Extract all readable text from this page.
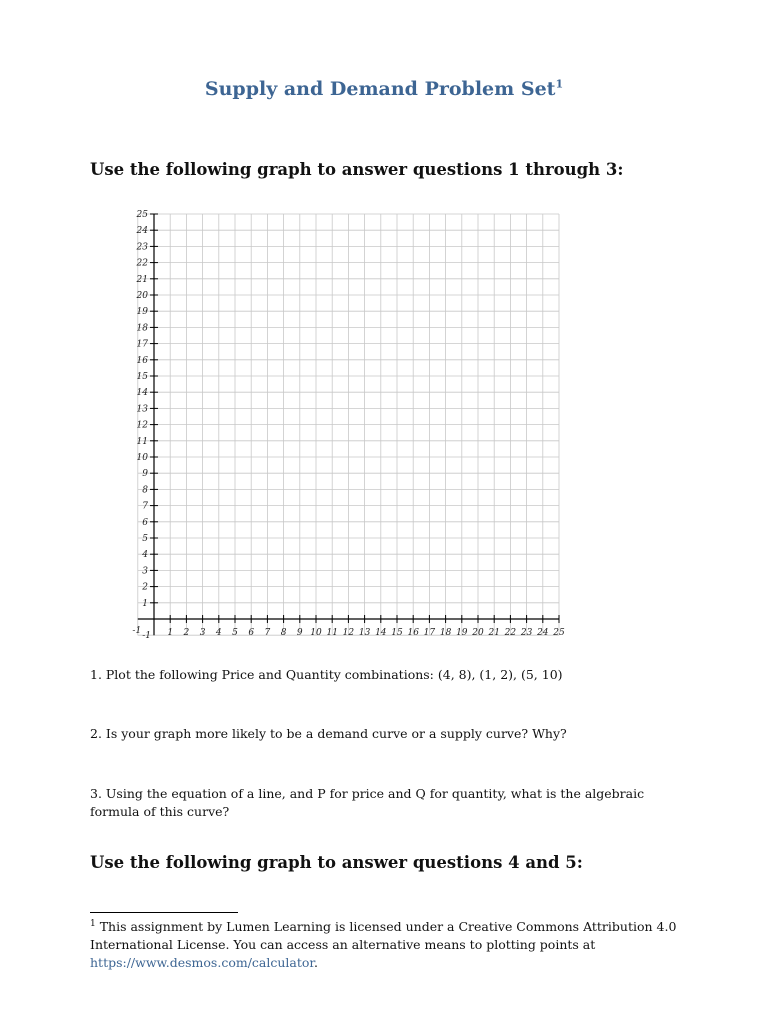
Supply and Demand Problem Set$^1$
Use the following graph to answer questions 1 through 3:
1 2 3 4 5 6 7 8 9 10 11 12 13 14 15 16 17 18 19 20 21 22 23 24 25
1
2
3
4
5
6
7
8
9
10
11
12
13
14
15
16
17
18
19
20
21
22
23
24
25
-1
-1
1. Plot the following Price and Quantity combinations: (4, 8), (1, 2), (5, 10)
2. Is your graph more likely to be a demand curve or a supply curve? Why?
3. Using the equation of a line, and P for price and Q for quantity, what is the algebraic formula of this curve?
Use the following graph to answer questions 4 and 5:
$^1$ This assignment by Lumen Learning is licensed under a Creative Commons Attribution 4.0 International License. You can access an alternative means to plotting points at https://www.desmos.com/calculator.
